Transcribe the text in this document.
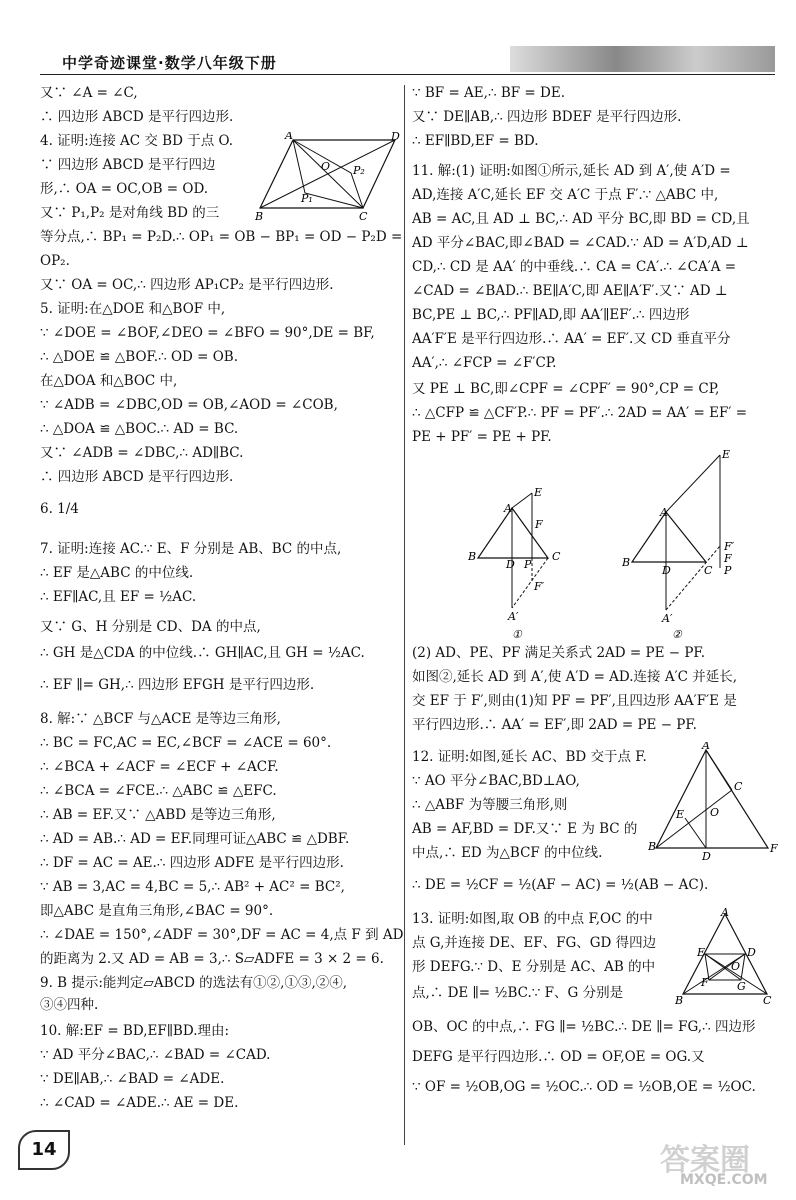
中学奇迹课堂·数学八年级下册
又∵ ∠A = ∠C,
∴ 四边形 ABCD 是平行四边形.
4. 证明:连接 AC 交 BD 于点 O.
∵ 四边形 ABCD 是平行四边
形,∴ OA = OC,OB = OD.
又∵ P₁,P₂ 是对角线 BD 的三
等分点,∴ BP₁ = P₂D.∴ OP₁ = OB − BP₁ = OD − P₂D =
OP₂.
又∵ OA = OC,∴ 四边形 AP₁CP₂ 是平行四边形.
5. 证明:在△DOE 和△BOF 中,
∵ ∠DOE = ∠BOF,∠DEO = ∠BFO = 90°,DE = BF,
∴ △DOE ≌ △BOF.∴ OD = OB.
在△DOA 和△BOC 中,
∵ ∠ADB = ∠DBC,OD = OB,∠AOD = ∠COB,
∴ △DOA ≌ △BOC.∴ AD = BC.
又∵ ∠ADB = ∠DBC,∴ AD∥BC.
∴ 四边形 ABCD 是平行四边形.
6. 1/4
7. 证明:连接 AC.∵ E、F 分别是 AB、BC 的中点,
∴ EF 是△ABC 的中位线.
∴ EF∥AC,且 EF = ½AC.
又∵ G、H 分别是 CD、DA 的中点,
∴ GH 是△CDA 的中位线.∴ GH∥AC,且 GH = ½AC.
∴ EF ∥= GH,∴ 四边形 EFGH 是平行四边形.
8. 解:∵ △BCF 与△ACE 是等边三角形,
∴ BC = FC,AC = EC,∠BCF = ∠ACE = 60°.
∴ ∠BCA + ∠ACF = ∠ECF + ∠ACF.
∴ ∠BCA = ∠FCE.∴ △ABC ≌ △EFC.
∴ AB = EF.又∵ △ABD 是等边三角形,
∴ AD = AB.∴ AD = EF.同理可证△ABC ≌ △DBF.
∴ DF = AC = AE.∴ 四边形 ADFE 是平行四边形.
∵ AB = 3,AC = 4,BC = 5,∴ AB² + AC² = BC²,
即△ABC 是直角三角形,∠BAC = 90°.
∴ ∠DAE = 150°,∠ADF = 30°,DF = AC = 4,点 F 到 AD
的距离为 2.又 AD = AB = 3,∴ S▱ADFE = 3 × 2 = 6.
9. B 提示:能判定▱ABCD 的选法有①②,①③,②④,
③④四种.
10. 解:EF = BD,EF∥BD.理由:
∵ AD 平分∠BAC,∴ ∠BAD = ∠CAD.
∵ DE∥AB,∴ ∠BAD = ∠ADE.
∴ ∠CAD = ∠ADE.∴ AE = DE.
∵ BF = AE,∴ BF = DE.
又∵ DE∥AB,∴ 四边形 BDEF 是平行四边形.
∴ EF∥BD,EF = BD.
11. 解:(1) 证明:如图①所示,延长 AD 到 A′,使 A′D =
AD,连接 A′C,延长 EF 交 A′C 于点 F′.∵ △ABC 中,
AB = AC,且 AD ⊥ BC,∴ AD 平分 BC,即 BD = CD,且
AD 平分∠BAC,即∠BAD = ∠CAD.∵ AD = A′D,AD ⊥
CD,∴ CD 是 AA′ 的中垂线.∴ CA = CA′.∴ ∠CA′A =
∠CAD = ∠BAD.∴ BE∥A′C,即 AE∥A′F′.又∵ AD ⊥
BC,PE ⊥ BC,∴ PF∥AD,即 AA′∥EF′.∴ 四边形
AA′F′E 是平行四边形.∴ AA′ = EF′.又 CD 垂直平分
AA′,∴ ∠FCP = ∠F′CP.
又 PE ⊥ BC,即∠CPF = ∠CPF′ = 90°,CP = CP,
∴ △CFP ≌ △CF′P.∴ PF = PF′.∴ 2AD = AA′ = EF′ =
PE + PF′ = PE + PF.
(2) AD、PE、PF 满足关系式 2AD = PE − PF.
如图②,延长 AD 到 A′,使 A′D = AD.连接 A′C 并延长,
交 EF 于 F′,则由(1)知 PF = PF′,且四边形 AA′F′E 是
平行四边形.∴ AA′ = EF′,即 2AD = PE − PF.
12. 证明:如图,延长 AC、BD 交于点 F.
∵ AO 平分∠BAC,BD⊥AO,
∴ △ABF 为等腰三角形,则
AB = AF,BD = DF.又∵ E 为 BC 的
中点,∴ ED 为△BCF 的中位线.
∴ DE = ½CF = ½(AF − AC) = ½(AB − AC).
13. 证明:如图,取 OB 的中点 F,OC 的中
点 G,并连接 DE、EF、FG、GD 得四边
形 DEFG.∵ D、E 分别是 AC、AB 的中
点,∴ DE ∥= ½BC.∵ F、G 分别是
OB、OC 的中点,∴ FG ∥= ½BC.∴ DE ∥= FG,∴ 四边形
DEFG 是平行四边形.∴ OD = OF,OE = OG.又
∵ OF = ½OB,OG = ½OC.∴ OD = ½OB,OE = ½OC.
A	D
B	C
O
P₁
P₂
E
A
F
B
D P
C
F′
A′
①
E
A
F′
F
B
D	C P
A′
②
A
C
E O
B
D
F
A
E	D
O
F	G
B	C
14	答案圈
MXQE.COM
